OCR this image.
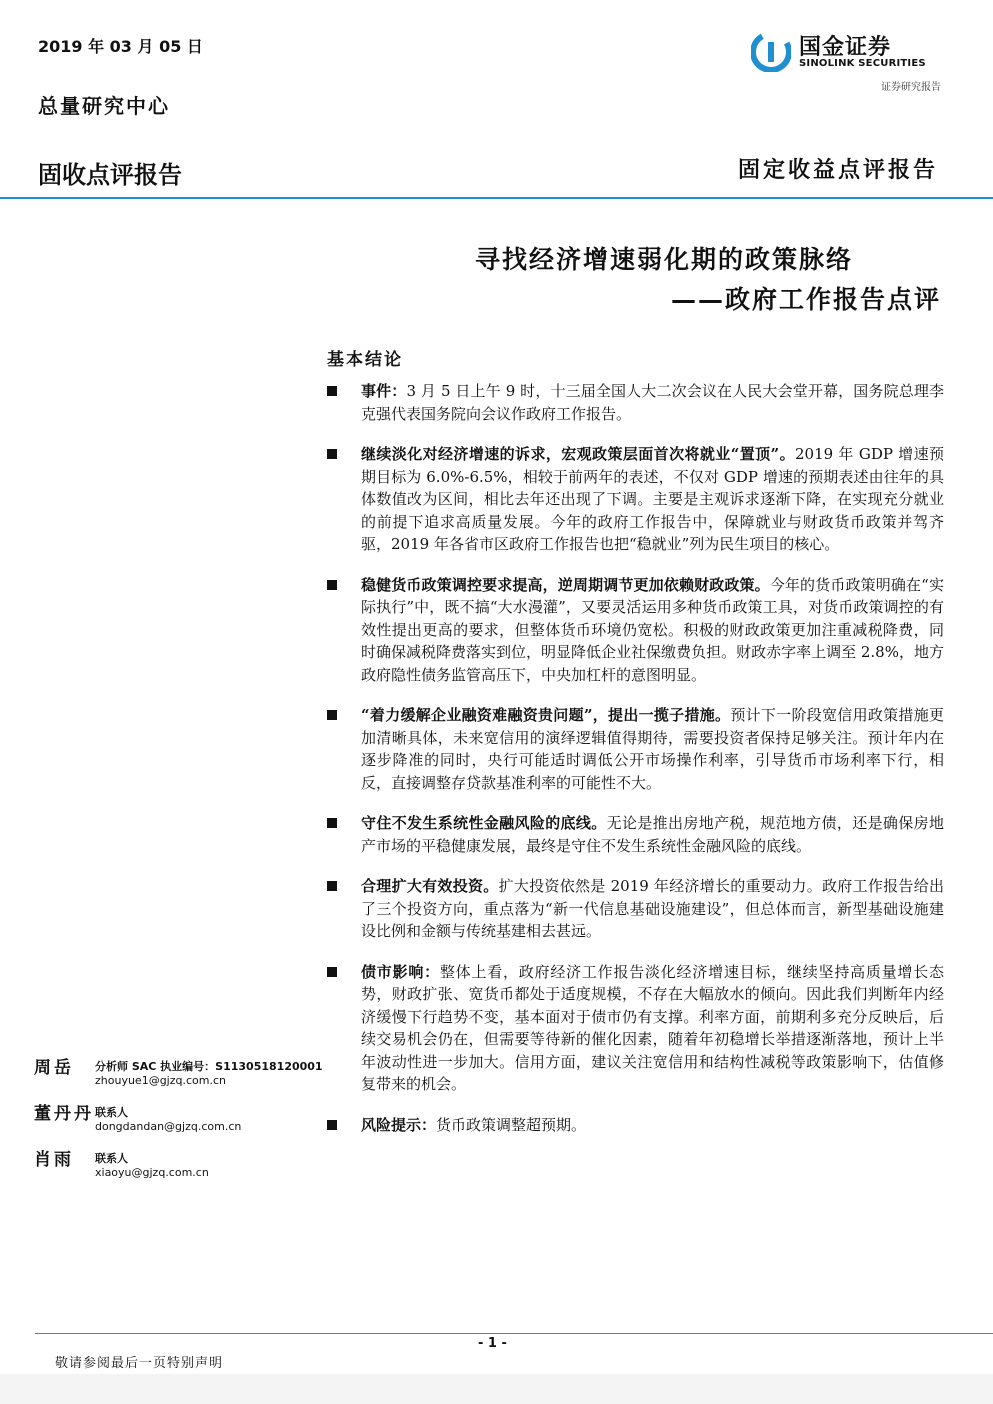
2019 年 03 月 05 日
总量研究中心
固收点评报告	固定收益点评报告
国金证券
SINOLINK SECURITIES
证券研究报告
寻找经济增速弱化期的政策脉络
——政府工作报告点评
基本结论
事件：3 月 5 日上午 9 时，十三届全国人大二次会议在人民大会堂开幕，国务院总理李克强代表国务院向会议作政府工作报告。
继续淡化对经济增速的诉求，宏观政策层面首次将就业“置顶”。2019 年 GDP 增速预期目标为 6.0%-6.5%，相较于前两年的表述，不仅对 GDP 增速的预期表述由往年的具体数值改为区间，相比去年还出现了下调。主要是主观诉求逐渐下降，在实现充分就业的前提下追求高质量发展。今年的政府工作报告中，保障就业与财政货币政策并驾齐驱，2019 年各省市区政府工作报告也把“稳就业”列为民生项目的核心。
稳健货币政策调控要求提高，逆周期调节更加依赖财政政策。今年的货币政策明确在“实际执行”中，既不搞“大水漫灌”，又要灵活运用多种货币政策工具，对货币政策调控的有效性提出更高的要求，但整体货币环境仍宽松。积极的财政政策更加注重减税降费，同时确保减税降费落实到位，明显降低企业社保缴费负担。财政赤字率上调至 2.8%，地方政府隐性债务监管高压下，中央加杠杆的意图明显。
“着力缓解企业融资难融资贵问题”，提出一揽子措施。预计下一阶段宽信用政策措施更加清晰具体，未来宽信用的演绎逻辑值得期待，需要投资者保持足够关注。预计年内在逐步降准的同时，央行可能适时调低公开市场操作利率，引导货币市场利率下行，相反，直接调整存贷款基准利率的可能性不大。
守住不发生系统性金融风险的底线。无论是推出房地产税，规范地方债，还是确保房地产市场的平稳健康发展，最终是守住不发生系统性金融风险的底线。
合理扩大有效投资。扩大投资依然是 2019 年经济增长的重要动力。政府工作报告给出了三个投资方向，重点落为“新一代信息基础设施建设”，但总体而言，新型基础设施建设比例和金额与传统基建相去甚远。
债市影响：整体上看，政府经济工作报告淡化经济增速目标，继续坚持高质量增长态势，财政扩张、宽货币都处于适度规模，不存在大幅放水的倾向。因此我们判断年内经济缓慢下行趋势不变，基本面对于债市仍有支撑。利率方面，前期利多充分反映后，后续交易机会仍在，但需要等待新的催化因素，随着年初稳增长举措逐渐落地，预计上半年波动性进一步加大。信用方面，建议关注宽信用和结构性减税等政策影响下，估值修复带来的机会。
风险提示：货币政策调整超预期。
周岳 分析师 SAC 执业编号：S1130518120001
zhouyue1@gjzq.com.cn
董丹丹 联系人
dongdandan@gjzq.com.cn
肖雨 联系人
xiaoyu@gjzq.com.cn
- 1 -
敬请参阅最后一页特别声明
